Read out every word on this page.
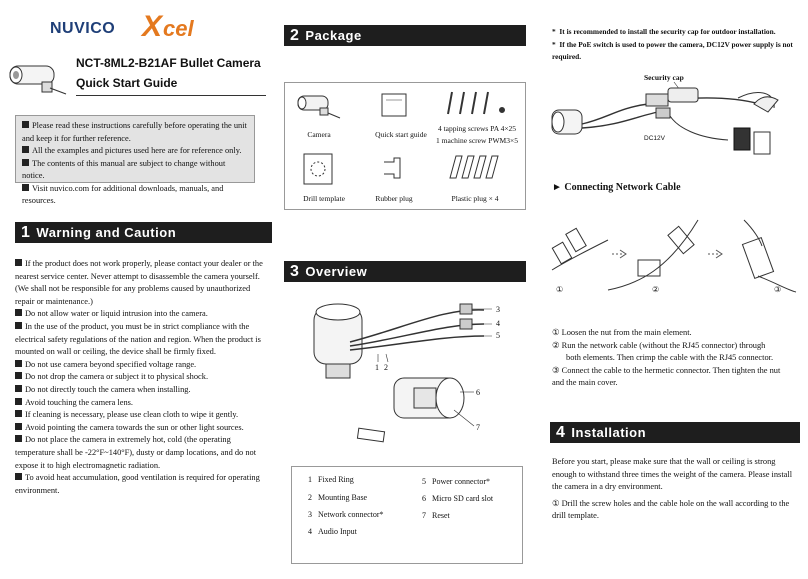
NUVICO X cel
NCT-8ML2-B21AF Bullet Camera
Quick Start Guide
Please read these instructions carefully before operating the unit and keep it for further reference.
All the examples and pictures used here are for reference only.
The contents of this manual are subject to change without notice.
Visit nuvico.com for additional downloads, manuals, and resources.
1 Warning and Caution

If the product does not work properly, please contact your dealer or the nearest service center. Never attempt to disassemble the camera yourself. (We shall not be responsible for any problems caused by unauthorized repair or maintenance.)

Do not allow water or liquid intrusion into the camera.

In the use of the product, you must be in strict compliance with the electrical safety regulations of the nation and region. When the product is mounted on wall or ceiling, the device shall be firmly fixed.

Do not use camera beyond specified voltage range.

Do not drop the camera or subject it to physical shock.

Do not directly touch the camera when installing.

Avoid touching the camera lens.

If cleaning is necessary, please use clean cloth to wipe it gently.

Avoid pointing the camera towards the sun or other light sources.

Do not place the camera in extremely hot, cold (the operating temperature shall be -22°F~140°F), dusty or damp locations, and do not expose it to high electromagnetic radiation.

To avoid heat accumulation, good ventilation is required for operating environment.

2 Package
Camera	Quick start guide
4 tapping screws PA 4×25
1 machine screw PWM3×5
Drill template	Rubber plug	Plastic plug × 4
3 Overview
1 2
3
4
5
6
7
1 Fixed Ring
2 Mounting Base
3 Network connector*
4 Audio Input
5 Power connector*
6 Micro SD card slot
7 Reset
*  It is recommended to install the security cap for outdoor installation.
*  If the PoE switch is used to power the camera, DC12V power supply is not required.
Security cap
DC12V
► Connecting Network Cable
①	②	③
① Loosen the nut from the main element.
② Run the network cable (without the RJ45 connector) through
both elements. Then crimp the cable with the RJ45 connector.
③ Connect the cable to the hermetic connector. Then tighten the nut
and the main cover.
4 Installation

Before you start, please make sure that the wall or ceiling is strong enough to withstand three times the weight of the camera. Please install the camera in a dry environment.

① Drill the screw holes and the cable hole on the wall according to the drill template.
